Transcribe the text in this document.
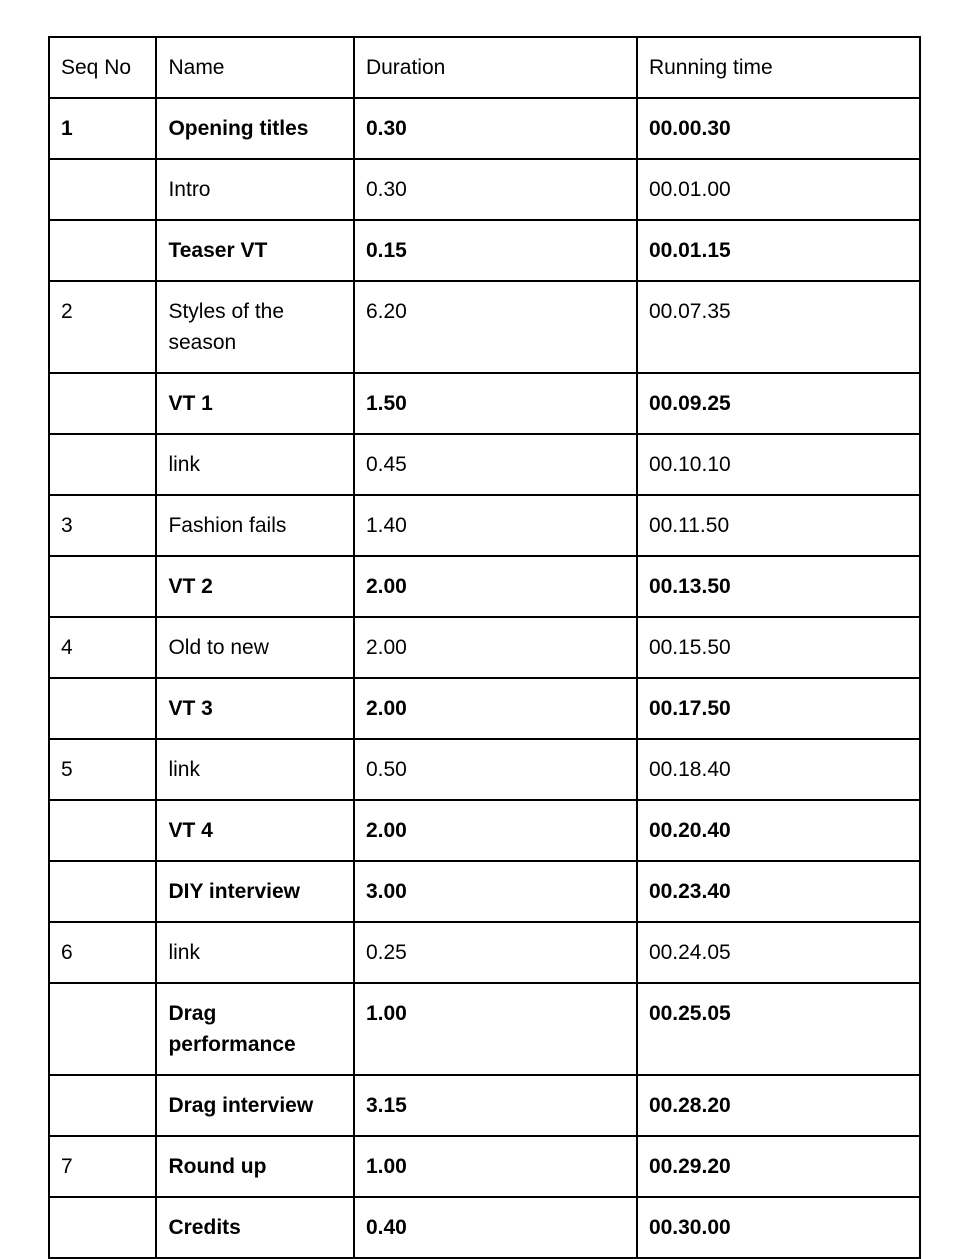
Seq No	Name	Duration	Running time
1	Opening titles	0.30	00.00.30
	Intro	0.30	00.01.00
	Teaser VT	0.15	00.01.15
2	Styles of the season	6.20	00.07.35
	VT 1	1.50	00.09.25
	link	0.45	00.10.10
3	Fashion fails	1.40	00.11.50
	VT 2	2.00	00.13.50
4	Old to new	2.00	00.15.50
	VT 3	2.00	00.17.50
5	link	0.50	00.18.40
	VT 4	2.00	00.20.40
	DIY interview	3.00	00.23.40
6	link	0.25	00.24.05
	Drag performance	1.00	00.25.05
	Drag interview	3.15	00.28.20
7	Round up	1.00	00.29.20
	Credits	0.40	00.30.00
